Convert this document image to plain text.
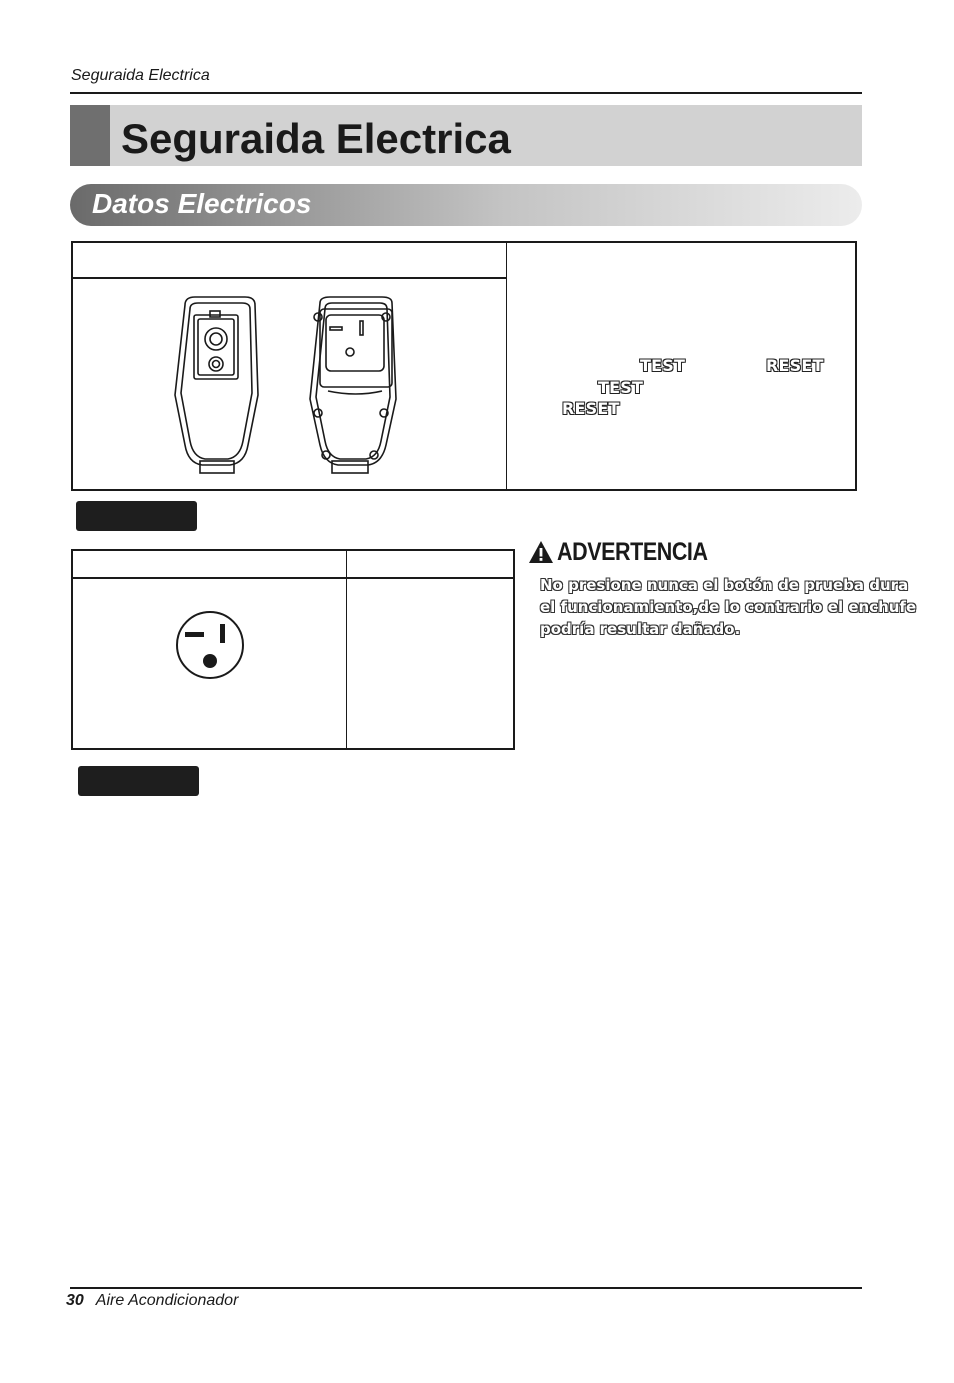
Seguraida Electrica
Seguraida Electrica
Datos Electricos
TEST	RESET
TEST
RESET
ADVERTENCIA
No presione nunca el botón de prueba dura
el funcionamiento,de lo contrario el enchufe
podría resultar dañado.
30 Aire Acondicionador
